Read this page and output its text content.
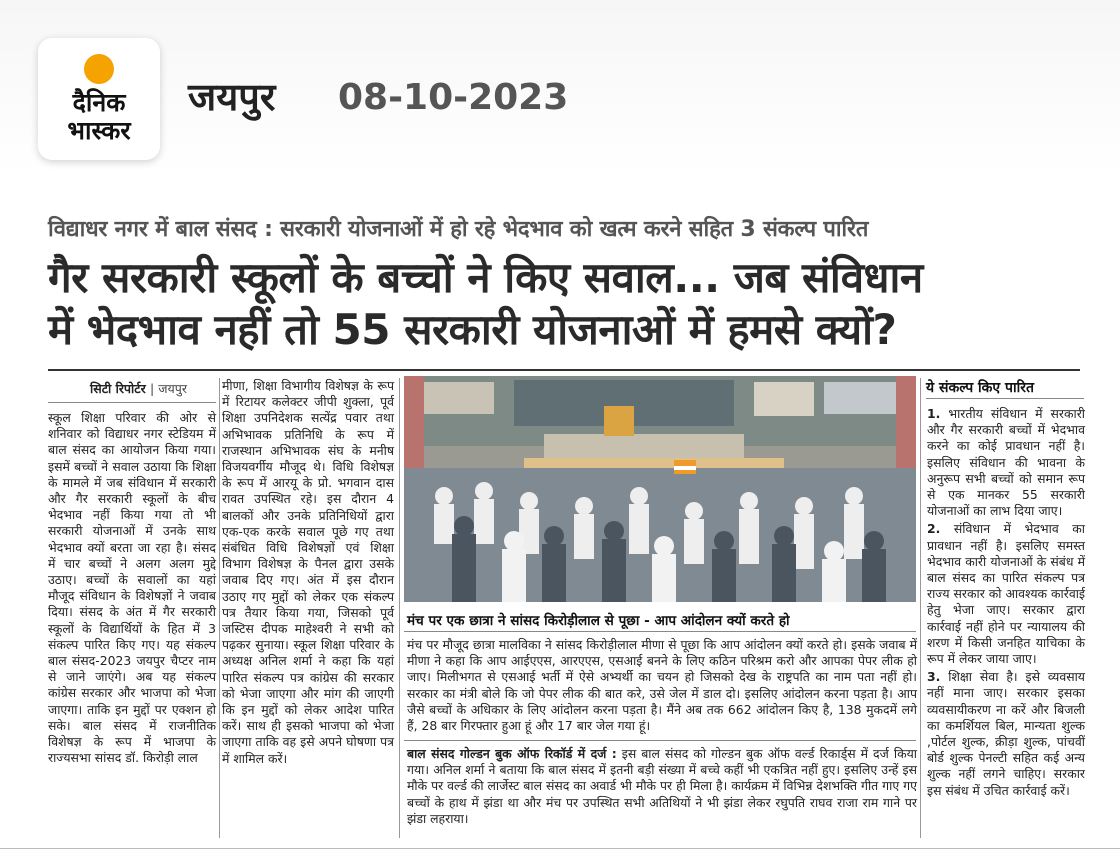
दैनिक
भास्कर
जयपुर 08-10-2023
विद्याधर नगर में बाल संसद : सरकारी योजनाओं में हो रहे भेदभाव को खत्म करने सहित 3 संकल्प पारित
गैर सरकारी स्कूलों के बच्चों ने किए सवाल... जब संविधान
में भेदभाव नहीं तो 55 सरकारी योजनाओं में हमसे क्यों?
सिटी रिपोर्टर | जयपुर
स्कूल शिक्षा परिवार की ओर से शनिवार को विद्याधर नगर स्टेडियम में बाल संसद का आयोजन किया गया। इसमें बच्चों ने सवाल उठाया कि शिक्षा के मामले में जब संविधान में सरकारी और गैर सरकारी स्कूलों के बीच भेदभाव नहीं किया गया तो भी सरकारी योजनाओं में उनके साथ भेदभाव क्यों बरता जा रहा है। संसद में चार बच्चों ने अलग अलग मुद्दे उठाए। बच्चों के सवालों का यहां मौजूद संविधान के विशेषज्ञों ने जवाब दिया। संसद के अंत में गैर सरकारी स्कूलों के विद्यार्थियों के हित में 3 संकल्प पारित किए गए। यह संकल्प बाल संसद-2023 जयपुर चैप्टर नाम से जाने जाएंगे। अब यह संकल्प कांग्रेस सरकार और भाजपा को भेजा जाएगा। ताकि इन मुद्दों पर एक्शन हो सके। बाल संसद में राजनीतिक विशेषज्ञ के रूप में भाजपा के राज्यसभा सांसद डॉ. किरोड़ी लाल
मीणा, शिक्षा विभागीय विशेषज्ञ के रूप में रिटायर कलेक्टर जीपी शुक्ला, पूर्व शिक्षा उपनिदेशक सत्येंद्र पवार तथा अभिभावक प्रतिनिधि के रूप में राजस्थान अभिभावक संघ के मनीष विजयवर्गीय मौजूद थे। विधि विशेषज्ञ के रूप में आरयू के प्रो. भगवान दास रावत उपस्थित रहे। इस दौरान 4 बालकों और उनके प्रतिनिधियों द्वारा एक-एक करके सवाल पूछे गए तथा संबंधित विधि विशेषज्ञों एवं शिक्षा विभाग विशेषज्ञ के पैनल द्वारा उसके जवाब दिए गए। अंत में इस दौरान उठाए गए मुद्दों को लेकर एक संकल्प पत्र तैयार किया गया, जिसको पूर्व जस्टिस दीपक माहेश्वरी ने सभी को पढ़कर सुनाया। स्कूल शिक्षा परिवार के अध्यक्ष अनिल शर्मा ने कहा कि यहां पारित संकल्प पत्र कांग्रेस की सरकार को भेजा जाएगा और मांग की जाएगी कि इन मुद्दों को लेकर आदेश पारित करें। साथ ही इसको भाजपा को भेजा जाएगा ताकि वह इसे अपने घोषणा पत्र में शामिल करें।
मंच पर एक छात्रा ने सांसद किरोड़ीलाल से पूछा - आप आंदोलन क्यों करते हो
मंच पर मौजूद छात्रा मालविका ने सांसद किरोड़ीलाल मीणा से पूछा कि आप आंदोलन क्यों करते हो। इसके जवाब में मीणा ने कहा कि आप आईएएस, आरएएस, एसआई बनने के लिए कठिन परिश्रम करो और आपका पेपर लीक हो जाए। मिलीभगत से एसआई भर्ती में ऐसे अभ्यर्थी का चयन हो जिसको देख के राष्ट्रपति का नाम पता नहीं हो। सरकार का मंत्री बोले कि जो पेपर लीक की बात करे, उसे जेल में डाल दो। इसलिए आंदोलन करना पड़ता है। आप जैसे बच्चों के अधिकार के लिए आंदोलन करना पड़ता है। मैंने अब तक 662 आंदोलन किए है, 138 मुकदमें लगे हैं, 28 बार गिरफ्तार हुआ हूं और 17 बार जेल गया हूं।
बाल संसद गोल्डन बुक ऑफ रिकॉर्ड में दर्ज : इस बाल संसद को गोल्डन बुक ऑफ वर्ल्ड रिकार्ड्स में दर्ज किया गया। अनिल शर्मा ने बताया कि बाल संसद में इतनी बड़ी संख्या में बच्चे कहीं भी एकत्रित नहीं हुए। इसलिए उन्हें इस मौके पर वर्ल्ड की लार्जेस्ट बाल संसद का अवार्ड भी मौके पर ही मिला है। कार्यक्रम में विभिन्न देशभक्ति गीत गाए गए बच्चों के हाथ में झंडा था और मंच पर उपस्थित सभी अतिथियों ने भी झंडा लेकर रघुपति राघव राजा राम गाने पर झंडा लहराया।
ये संकल्प किए पारित

1. भारतीय संविधान में सरकारी और गैर सरकारी बच्चों में भेदभाव करने का कोई प्रावधान नहीं है। इसलिए संविधान की भावना के अनुरूप सभी बच्चों को समान रूप से एक मानकर 55 सरकारी योजनाओं का लाभ दिया जाए।

2. संविधान में भेदभाव का प्रावधान नहीं है। इसलिए समस्त भेदभाव कारी योजनाओं के संबंध में बाल संसद का पारित संकल्प पत्र राज्य सरकार को आवश्यक कार्रवाई हेतु भेजा जाए। सरकार द्वारा कार्रवाई नहीं होने पर न्यायालय की शरण में किसी जनहित याचिका के रूप में लेकर जाया जाए।

3. शिक्षा सेवा है। इसे व्यवसाय नहीं माना जाए। सरकार इसका व्यवसायीकरण ना करें और बिजली का कमर्शियल बिल, मान्यता शुल्क ,पोर्टल शुल्क, क्रीड़ा शुल्क, पांचवीं बोर्ड शुल्क पेनल्टी सहित कई अन्य शुल्क नहीं लगने चाहिए। सरकार इस संबंध में उचित कार्रवाई करें।
